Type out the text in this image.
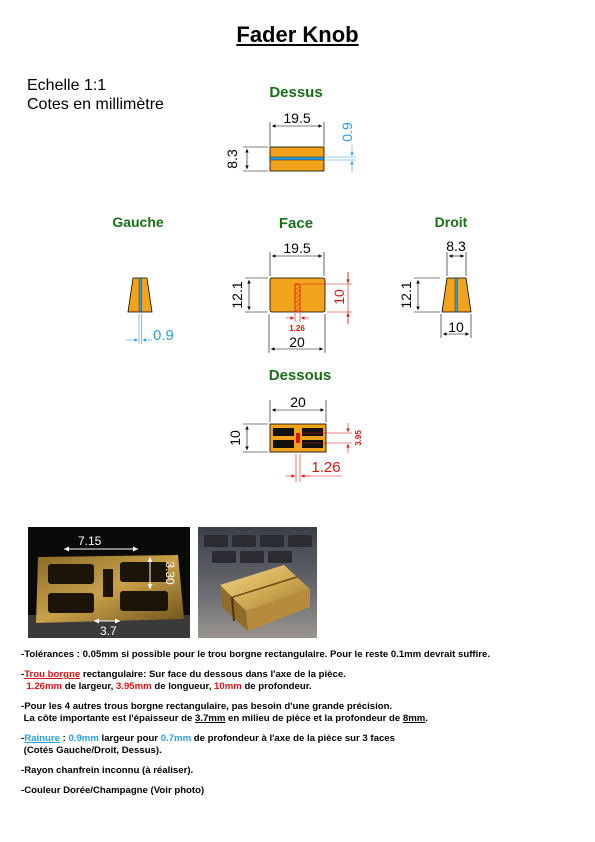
Fader Knob
Echelle 1:1
Cotes en millimètre
Dessus
Gauche	Face	Droit
Dessous
19.5
8.3
0.9
0.9
19.5
12.1	10
1.26
20
8.3
12.1
10
20
10	3.95
1.26
7.15
3.30
3.7

-Tolérances : 0.05mm si possible pour le trou borgne rectangulaire. Pour le reste 0.1mm devrait suffire.

-Trou borgne rectangulaire: Sur face du dessous dans l'axe de la pièce.
1.26mm de largeur, 3.95mm de longueur, 10mm de profondeur.

-Pour les 4 autres trous borgne rectangulaire, pas besoin d'une grande précision.
La côte importante est l'épaisseur de 3.7mm en milieu de pièce et la profondeur de 8mm.

-Rainure : 0.9mm largeur pour 0.7mm de profondeur à l'axe de la pièce sur 3 faces
(Cotés Gauche/Droit, Dessus).

-Rayon chanfrein inconnu (à réaliser).

-Couleur Dorée/Champagne (Voir photo)
